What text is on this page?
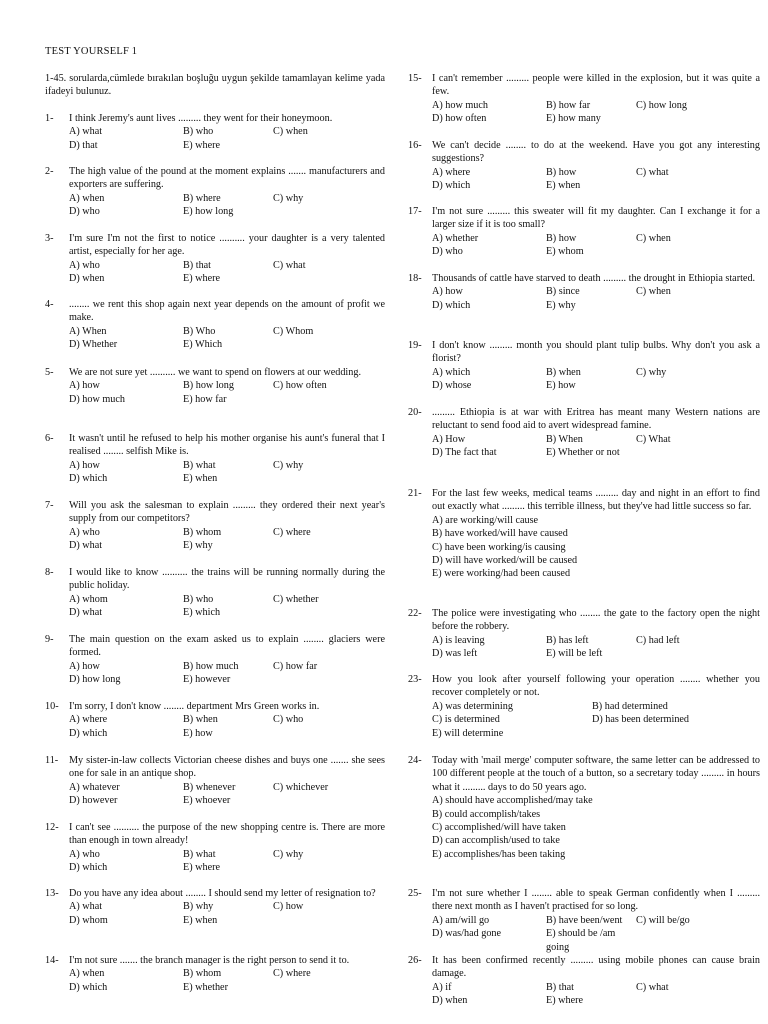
TEST YOURSELF 1
1-45. sorularda,cümlede bırakılan boşluğu uygun şekilde tamamlayan kelime yada ifadeyi bulunuz.
1-	I think Jeremy's aunt lives ......... they went for their honeymoon.
A) what	B) who	C) when
D) that	E) where
2-	The high value of the pound at the moment explains ....... manufacturers and exporters are suffering.
A) when	B) where	C) why
D) who	E) how long
3-	I'm sure I'm not the first to notice .......... your daughter is a very talented artist, especially for her age.
A) who	B) that	C) what
D) when	E) where
4-	........ we rent this shop again next year depends on the amount of profit we make.
A) When	B) Who	C) Whom
D) Whether	E) Which
5-	We are not sure yet .......... we want to spend on flowers at our wedding.
A) how	B) how long	C) how often
D) how much	E) how far
6-	It wasn't until he refused to help his mother organise his aunt's funeral that I realised ........ selfish Mike is.
A) how	B) what	C) why
D) which	E) when
7-	Will you ask the salesman to explain ......... they ordered their next year's supply from our competitors?
A) who	B) whom	C) where
D) what	E) why
8-	I would like to know .......... the trains will be running normally during the public holiday.
A) whom	B) who	C) whether
D) what	E) which
9-	The main question on the exam asked us to explain ........ glaciers were formed.
A) how	B) how much	C) how far
D) how long	E) however
10-	I'm sorry, I don't know ........ department Mrs Green works in.
A) where	B) when	C) who
D) which	E) how
11-	My sister-in-law collects Victorian cheese dishes and buys one ....... she sees one for sale in an antique shop.
A) whatever	B) whenever	C) whichever
D) however	E) whoever
12-	I can't see .......... the purpose of the new shopping centre is. There are more than enough in town already!
A) who	B) what	C) why
D) which	E) where
13-	Do you have any idea about ........ I should send my letter of resignation to?
A) what	B) why	C) how
D) whom	E) when
14-	I'm not sure ....... the branch manager is the right person to send it to.
A) when	B) whom	C) where
D) which	E) whether
15-	I can't remember ......... people were killed in the explosion, but it was quite a few.
A) how much	B) how far	C) how long
D) how often	E) how many
16-	We can't decide ........ to do at the weekend. Have you got any interesting suggestions?
A) where	B) how	C) what
D) which	E) when
17-	I'm not sure ......... this sweater will fit my daughter. Can I exchange it for a larger size if it is too small?
A) whether	B) how	C) when
D) who	E) whom
18-	Thousands of cattle have starved to death ......... the drought in Ethiopia started.
A) how	B) since	C) when
D) which	E) why
19-	I don't know ......... month you should plant tulip bulbs. Why don't you ask a florist?
A) which	B) when	C) why
D) whose	E) how
20-	......... Ethiopia is at war with Eritrea has meant many Western nations are reluctant to send food aid to avert widespread famine.
A) How	B) When	C) What
D) The fact that	E) Whether or not
21-	For the last few weeks, medical teams ......... day and night in an effort to find out exactly what ......... this terrible illness, but they've had little success so far.
A) are working/will cause
B) have worked/will have caused
C) have been working/is causing
D) will have worked/will be caused
E) were working/had been caused
22-	The police were investigating who ........ the gate to the factory open the night before the robbery.
A) is leaving	B) has left	C) had left
D) was left	E) will be left
23-	How you look after yourself following your operation ........ whether you recover completely or not.
A) was determining	B) had determined
C) is determined	D) has been determined
E) will determine
24-	Today with 'mail merge' computer software, the same letter can be addressed to 100 different people at the touch of a button, so a secretary today ......... in hours what it ......... days to do 50 years ago.
A) should have accomplished/may take
B) could accomplish/takes
C) accomplished/will have taken
D) can accomplish/used to take
E) accomplishes/has been taking
25-	I'm not sure whether I ........ able to speak German confidently when I ......... there next month as I haven't practised for so long.
A) am/will go	B) have been/went	C) will be/go
D) was/had gone	E) should be /am going
26-	It has been confirmed recently ......... using mobile phones can cause brain damage.
A) if	B) that	C) what
D) when	E) where
